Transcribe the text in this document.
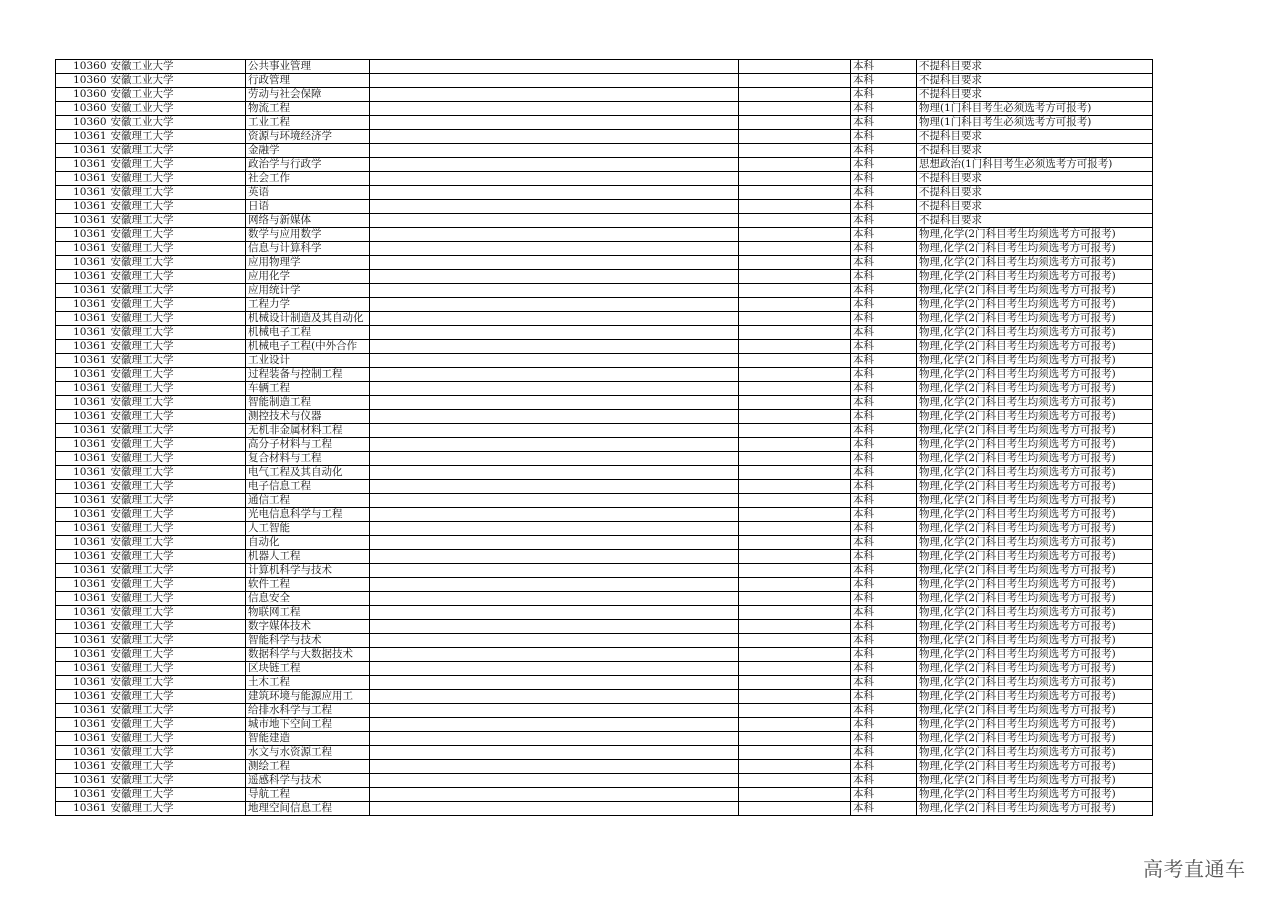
10360	安徽工业大学	公共事业管理			本科	不提科目要求
10360	安徽工业大学	行政管理			本科	不提科目要求
10360	安徽工业大学	劳动与社会保障			本科	不提科目要求
10360	安徽工业大学	物流工程			本科	物理(1门科目考生必须选考方可报考)
10360	安徽工业大学	工业工程			本科	物理(1门科目考生必须选考方可报考)
10361	安徽理工大学	资源与环境经济学			本科	不提科目要求
10361	安徽理工大学	金融学			本科	不提科目要求
10361	安徽理工大学	政治学与行政学			本科	思想政治(1门科目考生必须选考方可报考)
10361	安徽理工大学	社会工作			本科	不提科目要求
10361	安徽理工大学	英语			本科	不提科目要求
10361	安徽理工大学	日语			本科	不提科目要求
10361	安徽理工大学	网络与新媒体			本科	不提科目要求
10361	安徽理工大学	数学与应用数学			本科	物理,化学(2门科目考生均须选考方可报考)
10361	安徽理工大学	信息与计算科学			本科	物理,化学(2门科目考生均须选考方可报考)
10361	安徽理工大学	应用物理学			本科	物理,化学(2门科目考生均须选考方可报考)
10361	安徽理工大学	应用化学			本科	物理,化学(2门科目考生均须选考方可报考)
10361	安徽理工大学	应用统计学			本科	物理,化学(2门科目考生均须选考方可报考)
10361	安徽理工大学	工程力学			本科	物理,化学(2门科目考生均须选考方可报考)
10361	安徽理工大学	机械设计制造及其自动化			本科	物理,化学(2门科目考生均须选考方可报考)
10361	安徽理工大学	机械电子工程			本科	物理,化学(2门科目考生均须选考方可报考)
10361	安徽理工大学	机械电子工程(中外合作			本科	物理,化学(2门科目考生均须选考方可报考)
10361	安徽理工大学	工业设计			本科	物理,化学(2门科目考生均须选考方可报考)
10361	安徽理工大学	过程装备与控制工程			本科	物理,化学(2门科目考生均须选考方可报考)
10361	安徽理工大学	车辆工程			本科	物理,化学(2门科目考生均须选考方可报考)
10361	安徽理工大学	智能制造工程			本科	物理,化学(2门科目考生均须选考方可报考)
10361	安徽理工大学	测控技术与仪器			本科	物理,化学(2门科目考生均须选考方可报考)
10361	安徽理工大学	无机非金属材料工程			本科	物理,化学(2门科目考生均须选考方可报考)
10361	安徽理工大学	高分子材料与工程			本科	物理,化学(2门科目考生均须选考方可报考)
10361	安徽理工大学	复合材料与工程			本科	物理,化学(2门科目考生均须选考方可报考)
10361	安徽理工大学	电气工程及其自动化			本科	物理,化学(2门科目考生均须选考方可报考)
10361	安徽理工大学	电子信息工程			本科	物理,化学(2门科目考生均须选考方可报考)
10361	安徽理工大学	通信工程			本科	物理,化学(2门科目考生均须选考方可报考)
10361	安徽理工大学	光电信息科学与工程			本科	物理,化学(2门科目考生均须选考方可报考)
10361	安徽理工大学	人工智能			本科	物理,化学(2门科目考生均须选考方可报考)
10361	安徽理工大学	自动化			本科	物理,化学(2门科目考生均须选考方可报考)
10361	安徽理工大学	机器人工程			本科	物理,化学(2门科目考生均须选考方可报考)
10361	安徽理工大学	计算机科学与技术			本科	物理,化学(2门科目考生均须选考方可报考)
10361	安徽理工大学	软件工程			本科	物理,化学(2门科目考生均须选考方可报考)
10361	安徽理工大学	信息安全			本科	物理,化学(2门科目考生均须选考方可报考)
10361	安徽理工大学	物联网工程			本科	物理,化学(2门科目考生均须选考方可报考)
10361	安徽理工大学	数字媒体技术			本科	物理,化学(2门科目考生均须选考方可报考)
10361	安徽理工大学	智能科学与技术			本科	物理,化学(2门科目考生均须选考方可报考)
10361	安徽理工大学	数据科学与大数据技术			本科	物理,化学(2门科目考生均须选考方可报考)
10361	安徽理工大学	区块链工程			本科	物理,化学(2门科目考生均须选考方可报考)
10361	安徽理工大学	土木工程			本科	物理,化学(2门科目考生均须选考方可报考)
10361	安徽理工大学	建筑环境与能源应用工			本科	物理,化学(2门科目考生均须选考方可报考)
10361	安徽理工大学	给排水科学与工程			本科	物理,化学(2门科目考生均须选考方可报考)
10361	安徽理工大学	城市地下空间工程			本科	物理,化学(2门科目考生均须选考方可报考)
10361	安徽理工大学	智能建造			本科	物理,化学(2门科目考生均须选考方可报考)
10361	安徽理工大学	水文与水资源工程			本科	物理,化学(2门科目考生均须选考方可报考)
10361	安徽理工大学	测绘工程			本科	物理,化学(2门科目考生均须选考方可报考)
10361	安徽理工大学	遥感科学与技术			本科	物理,化学(2门科目考生均须选考方可报考)
10361	安徽理工大学	导航工程			本科	物理,化学(2门科目考生均须选考方可报考)
10361	安徽理工大学	地理空间信息工程			本科	物理,化学(2门科目考生均须选考方可报考)
高考直通车
